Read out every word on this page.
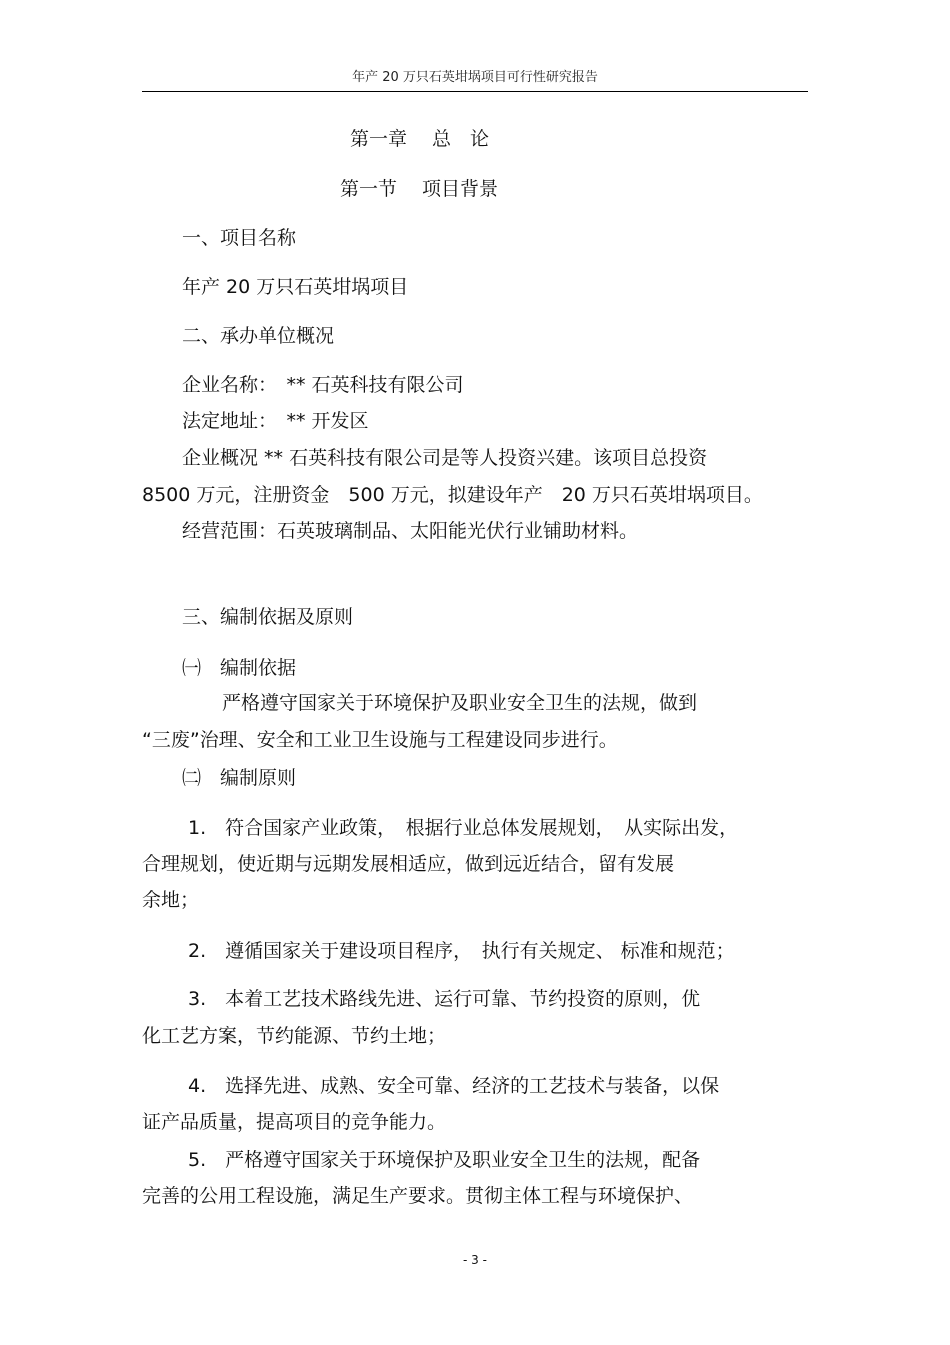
年产 20 万只石英坩埚项目可行性研究报告
第一章　 总　论
第一节　 项目背景
一、项目名称
年产 20 万只石英坩埚项目
二、承办单位概况
企业名称：　** 石英科技有限公司
法定地址：　** 开发区
企业概况 ** 石英科技有限公司是等人投资兴建。该项目总投资
8500 万元，注册资金　500 万元，拟建设年产　20 万只石英坩埚项目。
经营范围：石英玻璃制品、太阳能光伏行业铺助材料。
三、编制依据及原则
㈠　编制依据
严格遵守国家关于环境保护及职业安全卫生的法规，做到
“三废”治理、安全和工业卫生设施与工程建设同步进行。
㈡　编制原则
1.　符合国家产业政策，　根据行业总体发展规划，　从实际出发，
合理规划，使近期与远期发展相适应，做到远近结合，留有发展
余地；
2.　遵循国家关于建设项目程序，　执行有关规定、 标准和规范；
3.　本着工艺技术路线先进、运行可靠、节约投资的原则，优
化工艺方案，节约能源、节约土地；
4.　选择先进、成熟、安全可靠、经济的工艺技术与装备，以保
证产品质量，提高项目的竞争能力。
5.　严格遵守国家关于环境保护及职业安全卫生的法规，配备
完善的公用工程设施，满足生产要求。贯彻主体工程与环境保护、
- 3 -
